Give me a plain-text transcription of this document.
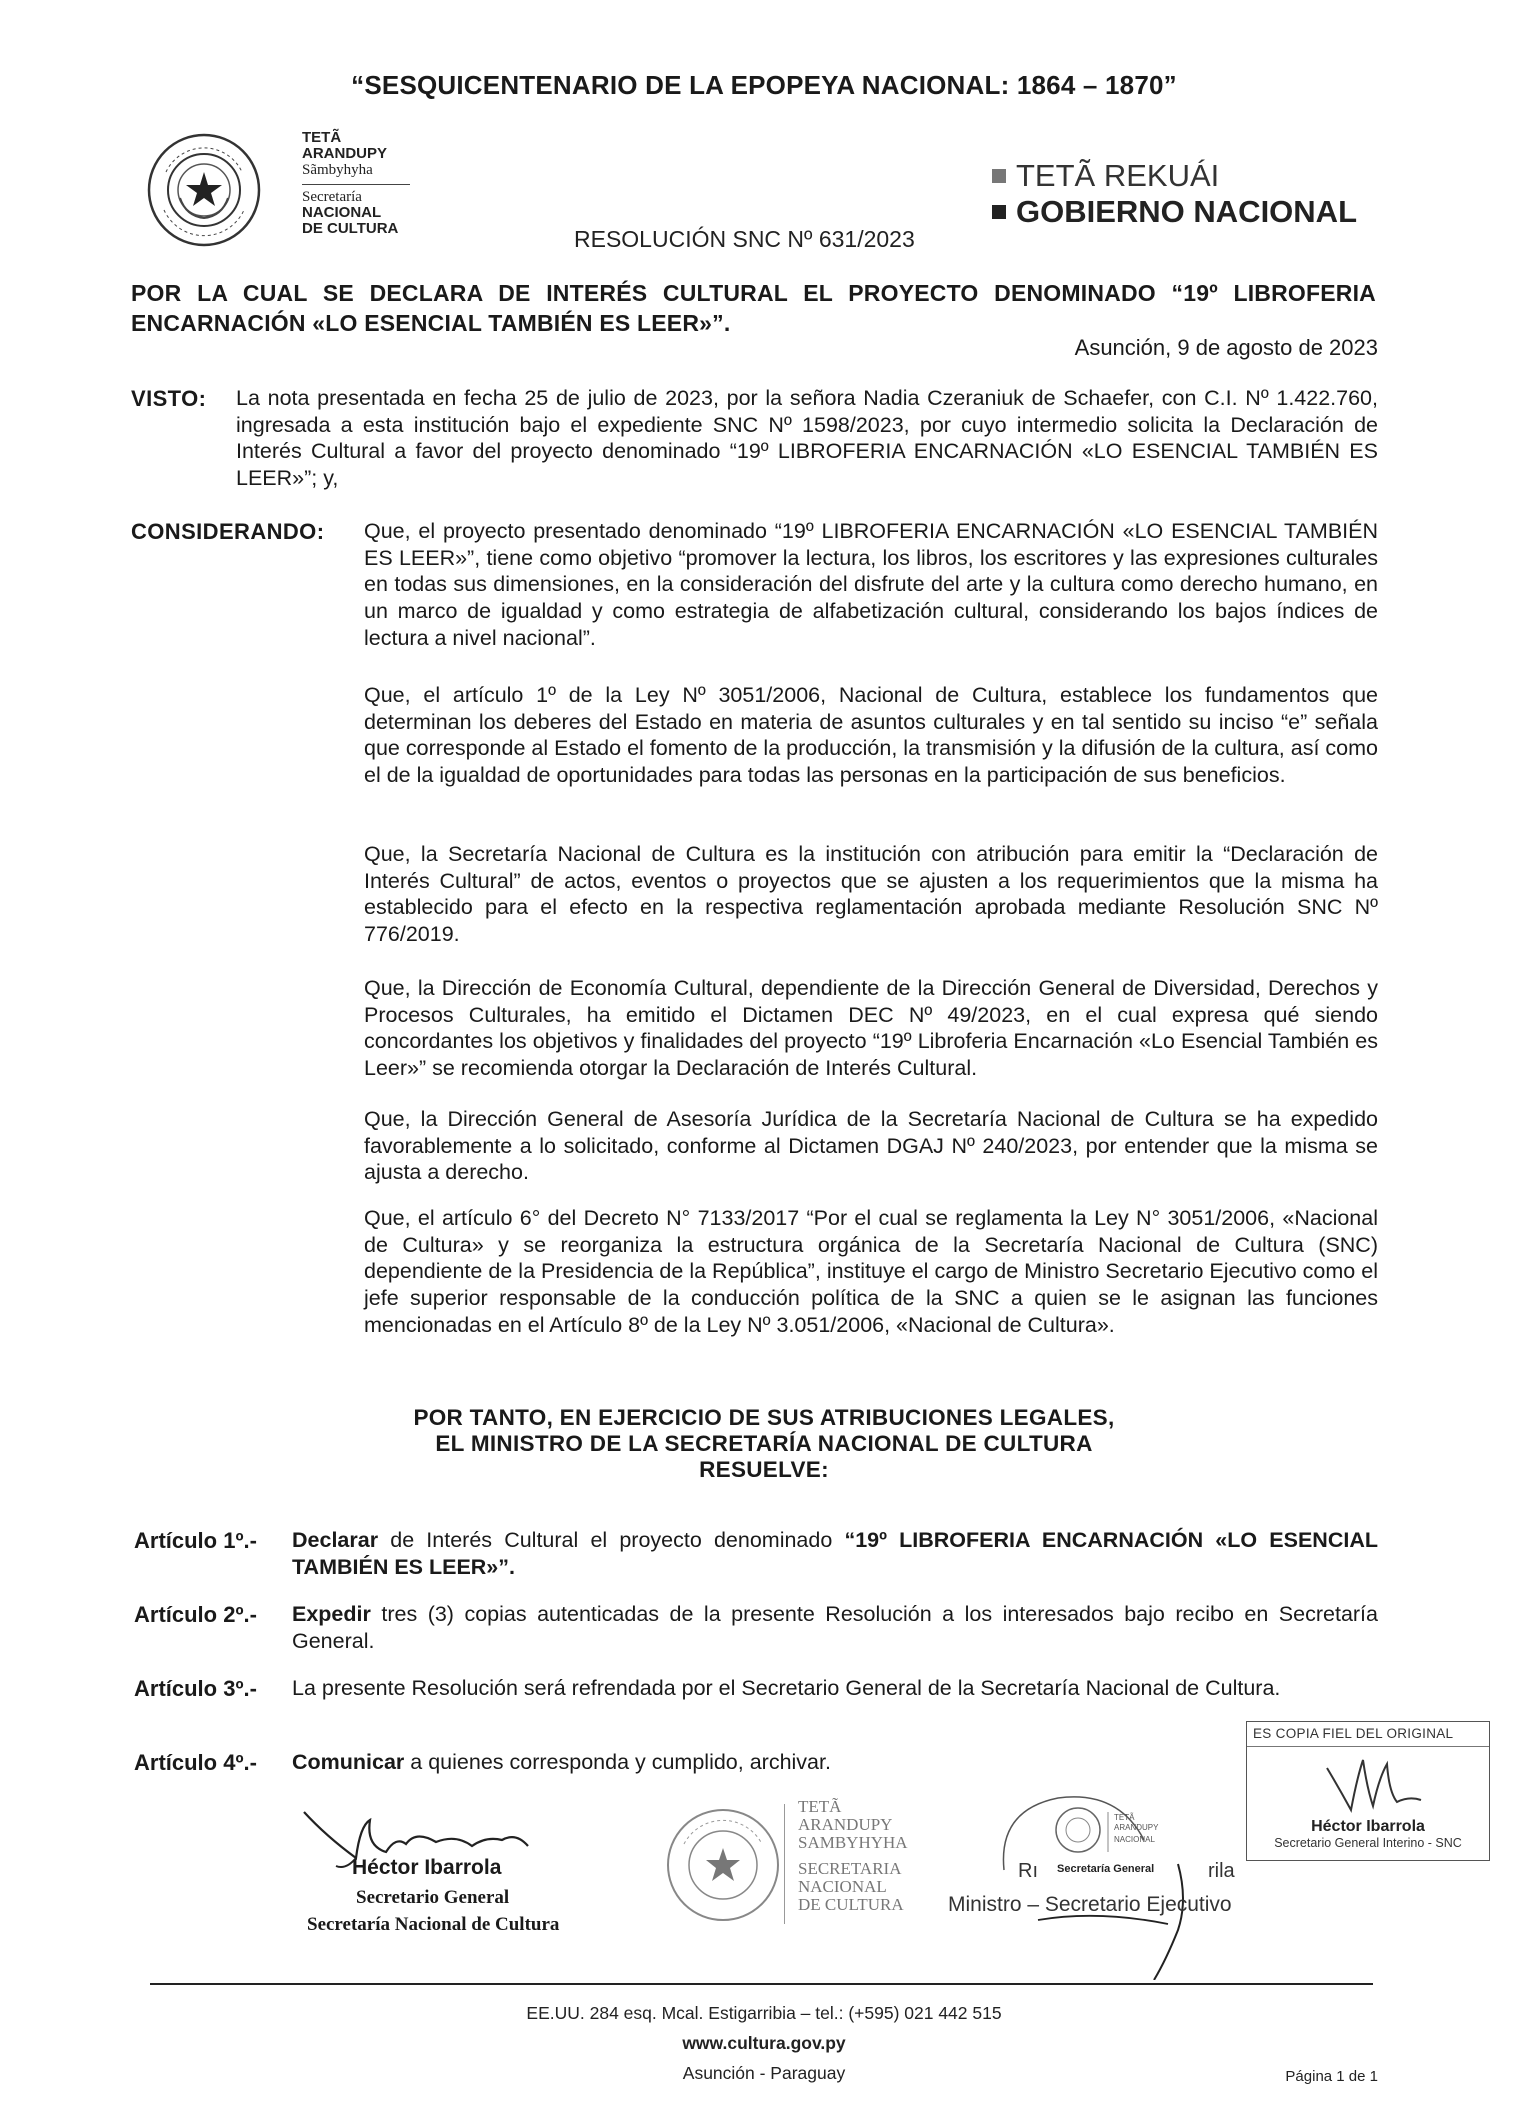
“SESQUICENTENARIO DE LA EPOPEYA NACIONAL: 1864 – 1870”
TETÃ
ARANDUPY
Sãmbyhyha
Secretaría
NACIONAL
DE CULTURA
TETÃ REKUÁI
GOBIERNO NACIONAL
RESOLUCIÓN SNC Nº 631/2023
POR LA CUAL SE DECLARA DE INTERÉS CULTURAL EL PROYECTO DENOMINADO “19º LIBROFERIA ENCARNACIÓN «LO ESENCIAL TAMBIÉN ES LEER»”.
Asunción, 9 de agosto de 2023
VISTO: La nota presentada en fecha 25 de julio de 2023, por la señora Nadia Czeraniuk de Schaefer, con C.I. Nº 1.422.760, ingresada a esta institución bajo el expediente SNC Nº 1598/2023, por cuyo intermedio solicita la Declaración de Interés Cultural a favor del proyecto denominado “19º LIBROFERIA ENCARNACIÓN «LO ESENCIAL TAMBIÉN ES LEER»”; y,
CONSIDERANDO: Que, el proyecto presentado denominado “19º LIBROFERIA ENCARNACIÓN «LO ESENCIAL TAMBIÉN ES LEER»”, tiene como objetivo “promover la lectura, los libros, los escritores y las expresiones culturales en todas sus dimensiones, en la consideración del disfrute del arte y la cultura como derecho humano, en un marco de igualdad y como estrategia de alfabetización cultural, considerando los bajos índices de lectura a nivel nacional”.
Que, el artículo 1º de la Ley Nº 3051/2006, Nacional de Cultura, establece los fundamentos que determinan los deberes del Estado en materia de asuntos culturales y en tal sentido su inciso “e” señala que corresponde al Estado el fomento de la producción, la transmisión y la difusión de la cultura, así como el de la igualdad de oportunidades para todas las personas en la participación de sus beneficios.
Que, la Secretaría Nacional de Cultura es la institución con atribución para emitir la “Declaración de Interés Cultural” de actos, eventos o proyectos que se ajusten a los requerimientos que la misma ha establecido para el efecto en la respectiva reglamentación aprobada mediante Resolución SNC Nº 776/2019.
Que, la Dirección de Economía Cultural, dependiente de la Dirección General de Diversidad, Derechos y Procesos Culturales, ha emitido el Dictamen DEC Nº 49/2023, en el cual expresa qué siendo concordantes los objetivos y finalidades del proyecto “19º Libroferia Encarnación «Lo Esencial También es Leer»” se recomienda otorgar la Declaración de Interés Cultural.
Que, la Dirección General de Asesoría Jurídica de la Secretaría Nacional de Cultura se ha expedido favorablemente a lo solicitado, conforme al Dictamen DGAJ Nº 240/2023, por entender que la misma se ajusta a derecho.
Que, el artículo 6° del Decreto N° 7133/2017 “Por el cual se reglamenta la Ley N° 3051/2006, «Nacional de Cultura» y se reorganiza la estructura orgánica de la Secretaría Nacional de Cultura (SNC) dependiente de la Presidencia de la República”, instituye el cargo de Ministro Secretario Ejecutivo como el jefe superior responsable de la conducción política de la SNC a quien se le asignan las funciones mencionadas en el Artículo 8º de la Ley Nº 3.051/2006, «Nacional de Cultura».
POR TANTO, EN EJERCICIO DE SUS ATRIBUCIONES LEGALES,
EL MINISTRO DE LA SECRETARÍA NACIONAL DE CULTURA
RESUELVE:
Artículo 1º.- Declarar de Interés Cultural el proyecto denominado “19º LIBROFERIA ENCARNACIÓN «LO ESENCIAL TAMBIÉN ES LEER»”.
Artículo 2º.- Expedir tres (3) copias autenticadas de la presente Resolución a los interesados bajo recibo en Secretaría General.
Artículo 3º.- La presente Resolución será refrendada por el Secretario General de la Secretaría Nacional de Cultura.
Artículo 4º.- Comunicar a quienes corresponda y cumplido, archivar.
ES COPIA FIEL DEL ORIGINAL
Héctor Ibarrola
Secretario General Interino - SNC
Héctor Ibarrola
Secretario General
Secretaría Nacional de Cultura
TETÃ
ARANDUPY
SAMBYHYHA
SECRETARIA
NACIONAL
DE CULTURA
TETÃ
ARANDUPY
NACIONAL
Rı	rila
Secretaría General
Ministro – Secretario Ejecutivo
EE.UU. 284 esq. Mcal. Estigarribia – tel.: (+595) 021 442 515
www.cultura.gov.py
Asunción - Paraguay	Página 1 de 1
